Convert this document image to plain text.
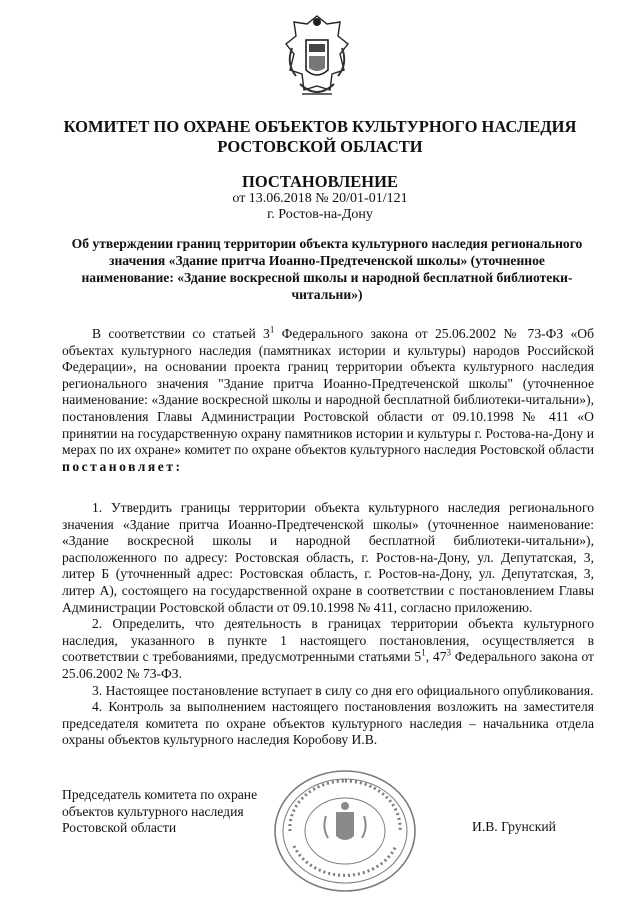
КОМИТЕТ ПО ОХРАНЕ ОБЪЕКТОВ КУЛЬТУРНОГО НАСЛЕДИЯ РОСТОВСКОЙ ОБЛАСТИ
ПОСТАНОВЛЕНИЕ
от 13.06.2018 № 20/01-01/121
г. Ростов-на-Дону
Об утверждении границ территории объекта культурного наследия регионального значения «Здание притча Иоанно-Предтеченской школы» (уточненное наименование: «Здание воскресной школы и народной бесплатной библиотеки-читальни»)

В соответствии со статьей $3^1$ Федерального закона от 25.06.2002 № 73-ФЗ «Об объектах культурного наследия (памятниках истории и культуры) народов Российской Федерации», на основании проекта границ территории объекта культурного наследия регионального значения "Здание притча Иоанно-Предтеченской школы" (уточненное наименование: «Здание воскресной школы и народной бесплатной библиотеки-читальни»), постановления Главы Администрации Ростовской области от 09.10.1998 № 411 «О принятии на государственную охрану памятников истории и культуры г. Ростова-на-Дону и мерах по их охране» комитет по охране объектов культурного наследия Ростовской области постановляет:

1. Утвердить границы территории объекта культурного наследия регионального значения «Здание притча Иоанно-Предтеченской школы» (уточненное наименование: «Здание воскресной школы и народной бесплатной библиотеки-читальни»), расположенного по адресу: Ростовская область, г. Ростов-на-Дону, ул. Депутатская, 3, литер Б (уточненный адрес: Ростовская область, г. Ростов-на-Дону, ул. Депутатская, 3, литер А), состоящего на государственной охране в соответствии с постановлением Главы Администрации Ростовской области от 09.10.1998 № 411, согласно приложению.

2. Определить, что деятельность в границах территории объекта культурного наследия, указанного в пункте 1 настоящего постановления, осуществляется в соответствии с требованиями, предусмотренными статьями $5^1$, $47^3$ Федерального закона от 25.06.2002 № 73-ФЗ.

3. Настоящее постановление вступает в силу со дня его официального опубликования.

4. Контроль за выполнением настоящего постановления возложить на заместителя председателя комитета по охране объектов культурного наследия – начальника отдела охраны объектов культурного наследия Коробову И.В.

Председатель комитета по охране объектов культурного наследия Ростовской области	И.В. Грунский
